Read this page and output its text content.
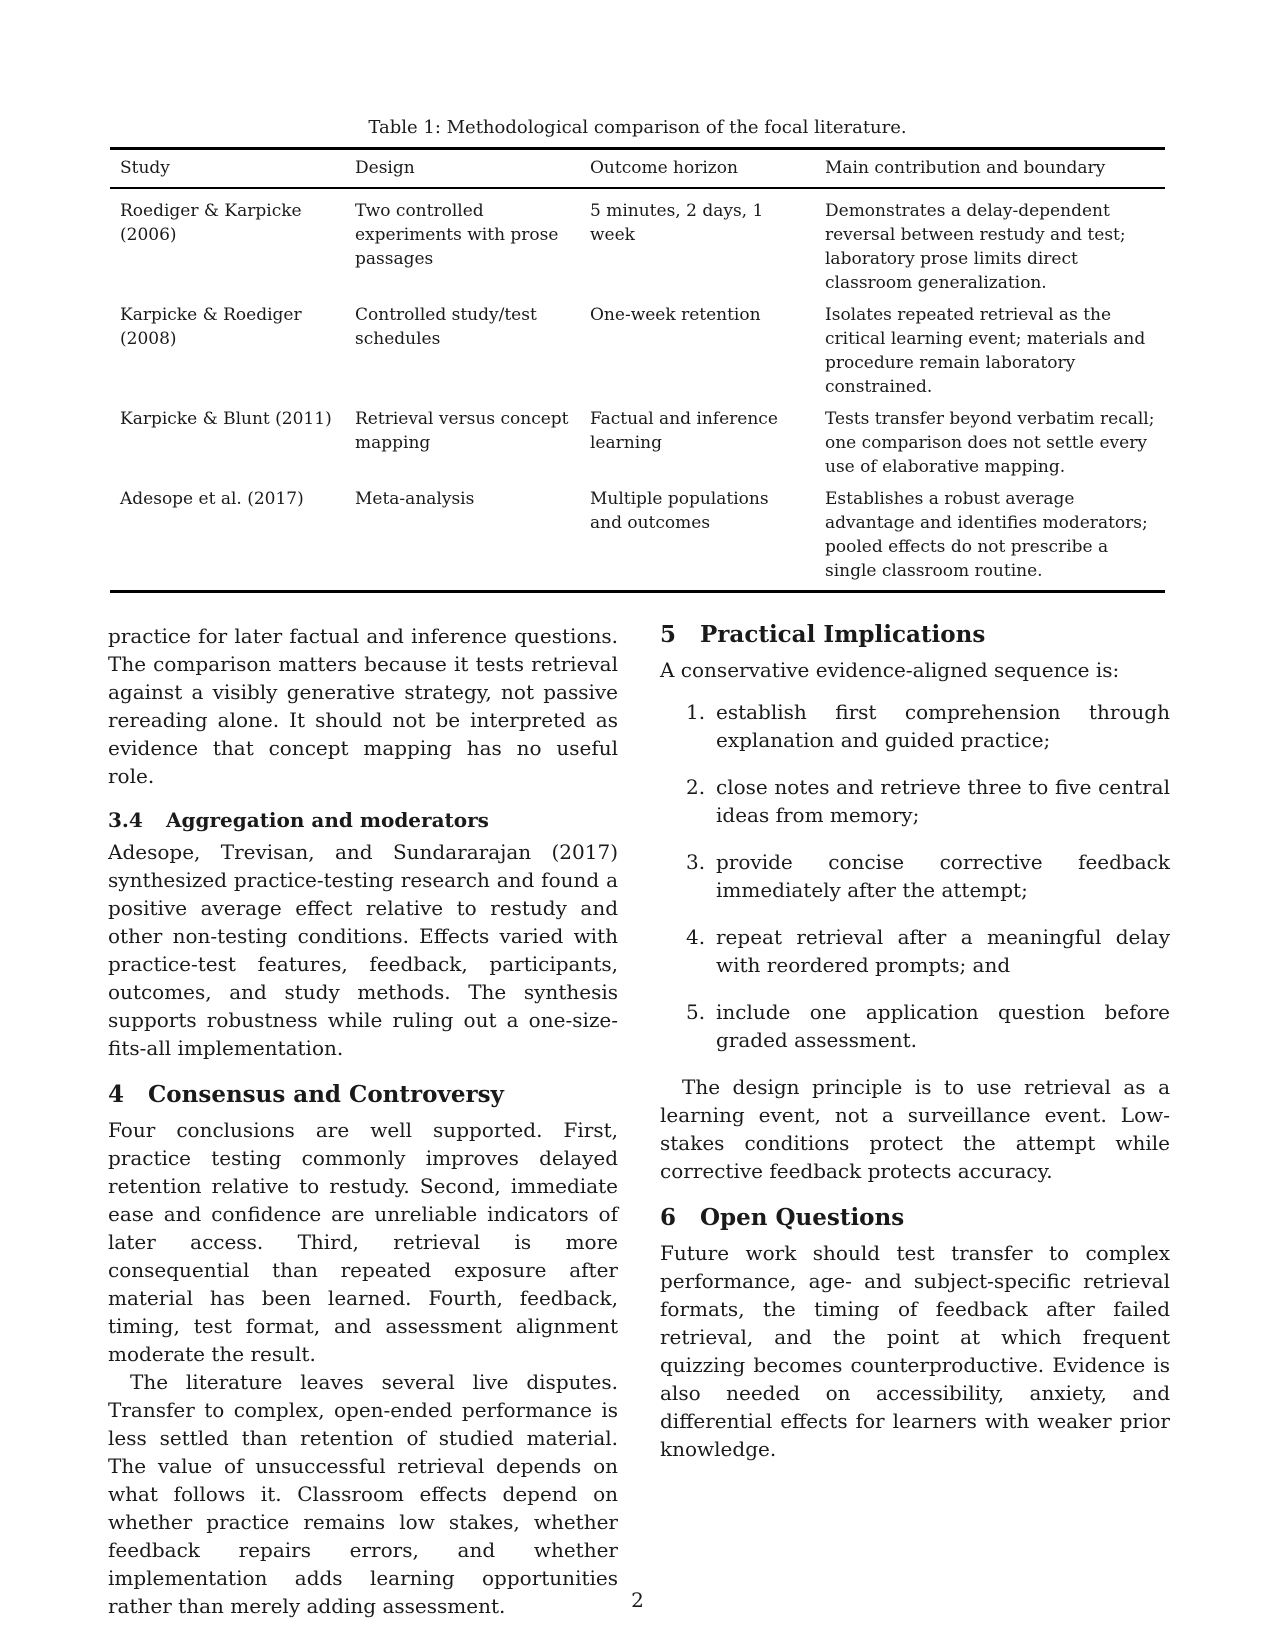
Table 1: Methodological comparison of the focal literature.
Study	Design	Outcome horizon	Main contribution and boundary
Roediger & Karpicke (2006)	Two controlled experiments with prose passages	5 minutes, 2 days, 1 week	Demonstrates a delay-dependent reversal between restudy and test; laboratory prose limits direct classroom generalization.
Karpicke & Roediger (2008)	Controlled study/test schedules	One-week retention	Isolates repeated retrieval as the critical learning event; materials and procedure remain laboratory constrained.
Karpicke & Blunt (2011)	Retrieval versus concept mapping	Factual and inference learning	Tests transfer beyond verbatim recall; one comparison does not settle every use of elaborative mapping.
Adesope et al. (2017)	Meta-analysis	Multiple populations and outcomes	Establishes a robust average advantage and identifies moderators; pooled effects do not prescribe a single classroom routine.

practice for later factual and inference questions. The comparison matters because it tests retrieval against a visibly generative strategy, not passive rereading alone. It should not be interpreted as evidence that concept mapping has no useful role.

3.4 Aggregation and moderators

Adesope, Trevisan, and Sundararajan (2017) synthesized practice-testing research and found a positive average effect relative to restudy and other non-testing conditions. Effects varied with practice-test features, feedback, participants, outcomes, and study methods. The synthesis supports robustness while ruling out a one-size-fits-all implementation.

4 Consensus and Controversy

Four conclusions are well supported. First, practice testing commonly improves delayed retention relative to restudy. Second, immediate ease and confidence are unreliable indicators of later access. Third, retrieval is more consequential than repeated exposure after material has been learned. Fourth, feedback, timing, test format, and assessment alignment moderate the result.

The literature leaves several live disputes. Transfer to complex, open-ended performance is less settled than retention of studied material. The value of unsuccessful retrieval depends on what follows it. Classroom effects depend on whether practice remains low stakes, whether feedback repairs errors, and whether implementation adds learning opportunities rather than merely adding assessment.

5 Practical Implications

A conservative evidence-aligned sequence is:

1. establish first comprehension through explanation and guided practice;
2. close notes and retrieve three to five central ideas from memory;
3. provide concise corrective feedback immediately after the attempt;
4. repeat retrieval after a meaningful delay with reordered prompts; and
5. include one application question before graded assessment.

The design principle is to use retrieval as a learning event, not a surveillance event. Low-stakes conditions protect the attempt while corrective feedback protects accuracy.

6 Open Questions

Future work should test transfer to complex performance, age- and subject-specific retrieval formats, the timing of feedback after failed retrieval, and the point at which frequent quizzing becomes counterproductive. Evidence is also needed on accessibility, anxiety, and differential effects for learners with weaker prior knowledge.

2
